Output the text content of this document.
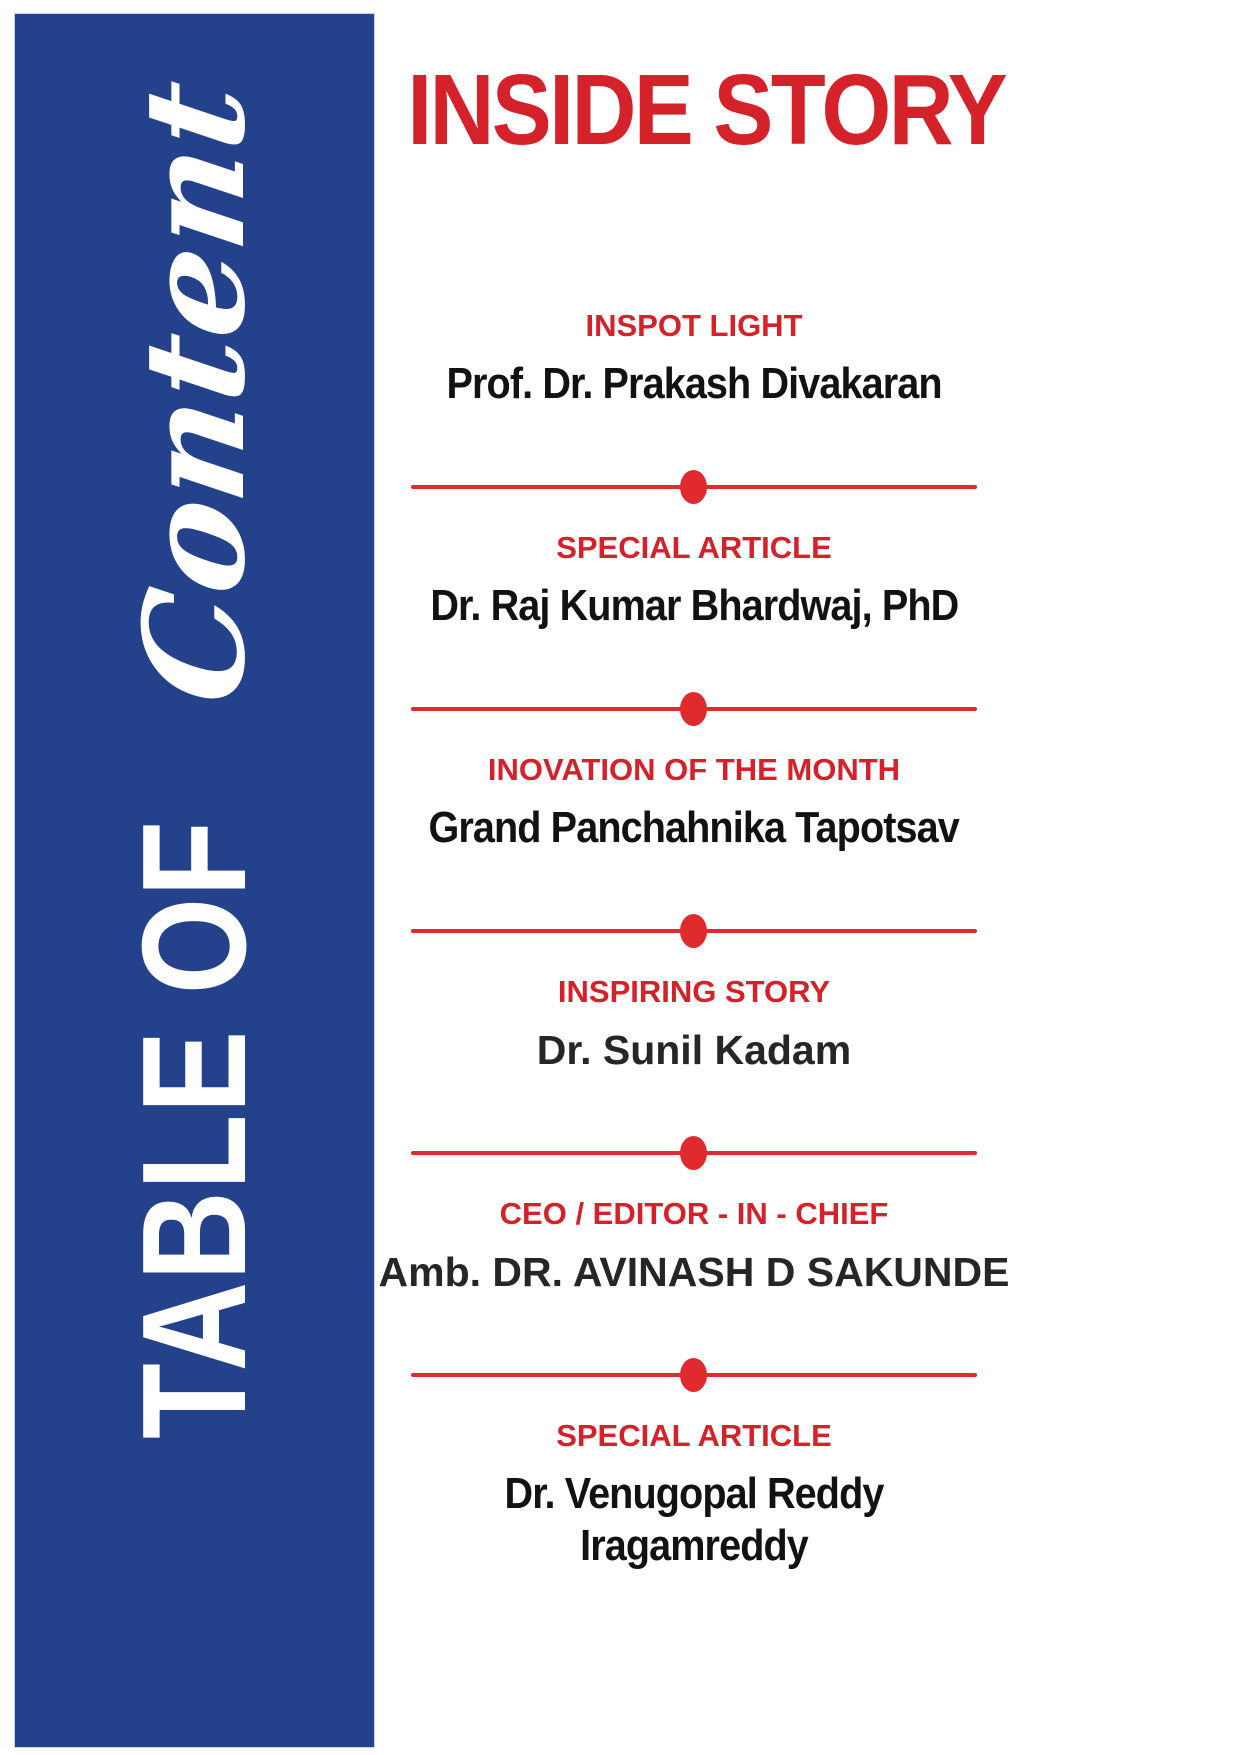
TABLE OF
Content	INSIDE STORY
INSPOT LIGHT
Prof. Dr. Prakash Divakaran
SPECIAL ARTICLE
Dr. Raj Kumar Bhardwaj, PhD
INOVATION OF THE MONTH
Grand Panchahnika Tapotsav
INSPIRING STORY
Dr. Sunil Kadam
CEO / EDITOR - IN - CHIEF
Amb. DR. AVINASH D SAKUNDE
SPECIAL ARTICLE
Dr. Venugopal Reddy Iragamreddy
